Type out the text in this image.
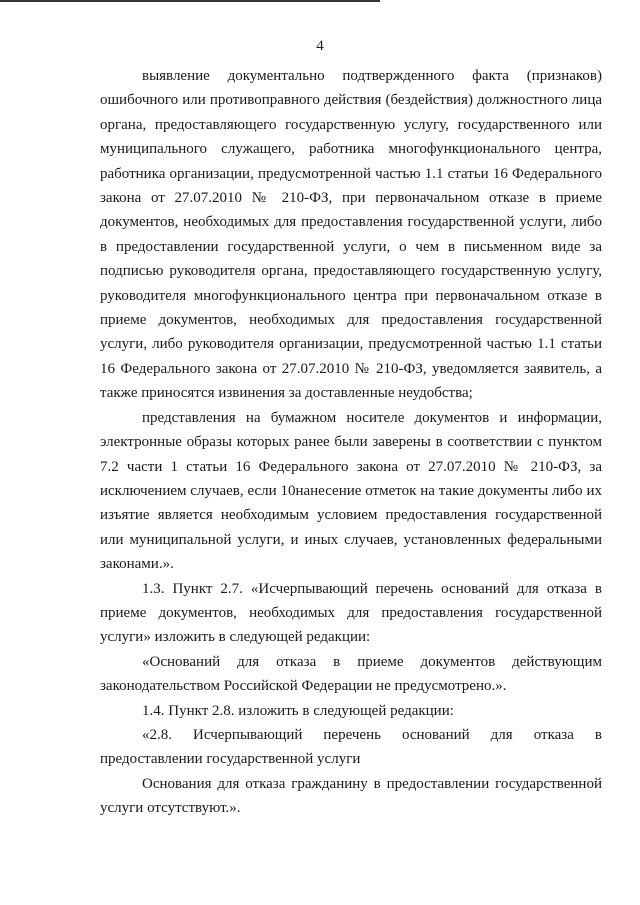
4

выявление документально подтвержденного факта (признаков) ошибочного или противоправного действия (бездействия) должностного лица органа, предоставляющего государственную услугу, государственного или муниципального служащего, работника многофункционального центра, работника организации, предусмотренной частью 1.1 статьи 16 Федерального закона от 27.07.2010 № 210-ФЗ, при первоначальном отказе в приеме документов, необходимых для предоставления государственной услуги, либо в предоставлении государственной услуги, о чем в письменном виде за подписью руководителя органа, предоставляющего государственную услугу, руководителя многофункционального центра при первоначальном отказе в приеме документов, необходимых для предоставления государственной услуги, либо руководителя организации, предусмотренной частью 1.1 статьи 16 Федерального закона от 27.07.2010 № 210-ФЗ, уведомляется заявитель, а также приносятся извинения за доставленные неудобства;

представления на бумажном носителе документов и информации, электронные образы которых ранее были заверены в соответствии с пунктом 7.2 части 1 статьи 16 Федерального закона от 27.07.2010 № 210-ФЗ, за исключением случаев, если 10нанесение отметок на такие документы либо их изъятие является необходимым условием предоставления государственной или муниципальной услуги, и иных случаев, установленных федеральными законами.».

1.3. Пункт 2.7. «Исчерпывающий перечень оснований для отказа в приеме документов, необходимых для предоставления государственной услуги» изложить в следующей редакции:

«Оснований для отказа в приеме документов действующим законодательством Российской Федерации не предусмотрено.».

1.4. Пункт 2.8. изложить в следующей редакции:

«2.8. Исчерпывающий перечень оснований для отказа в предоставлении государственной услуги

Основания для отказа гражданину в предоставлении государственной услуги отсутствуют.».
